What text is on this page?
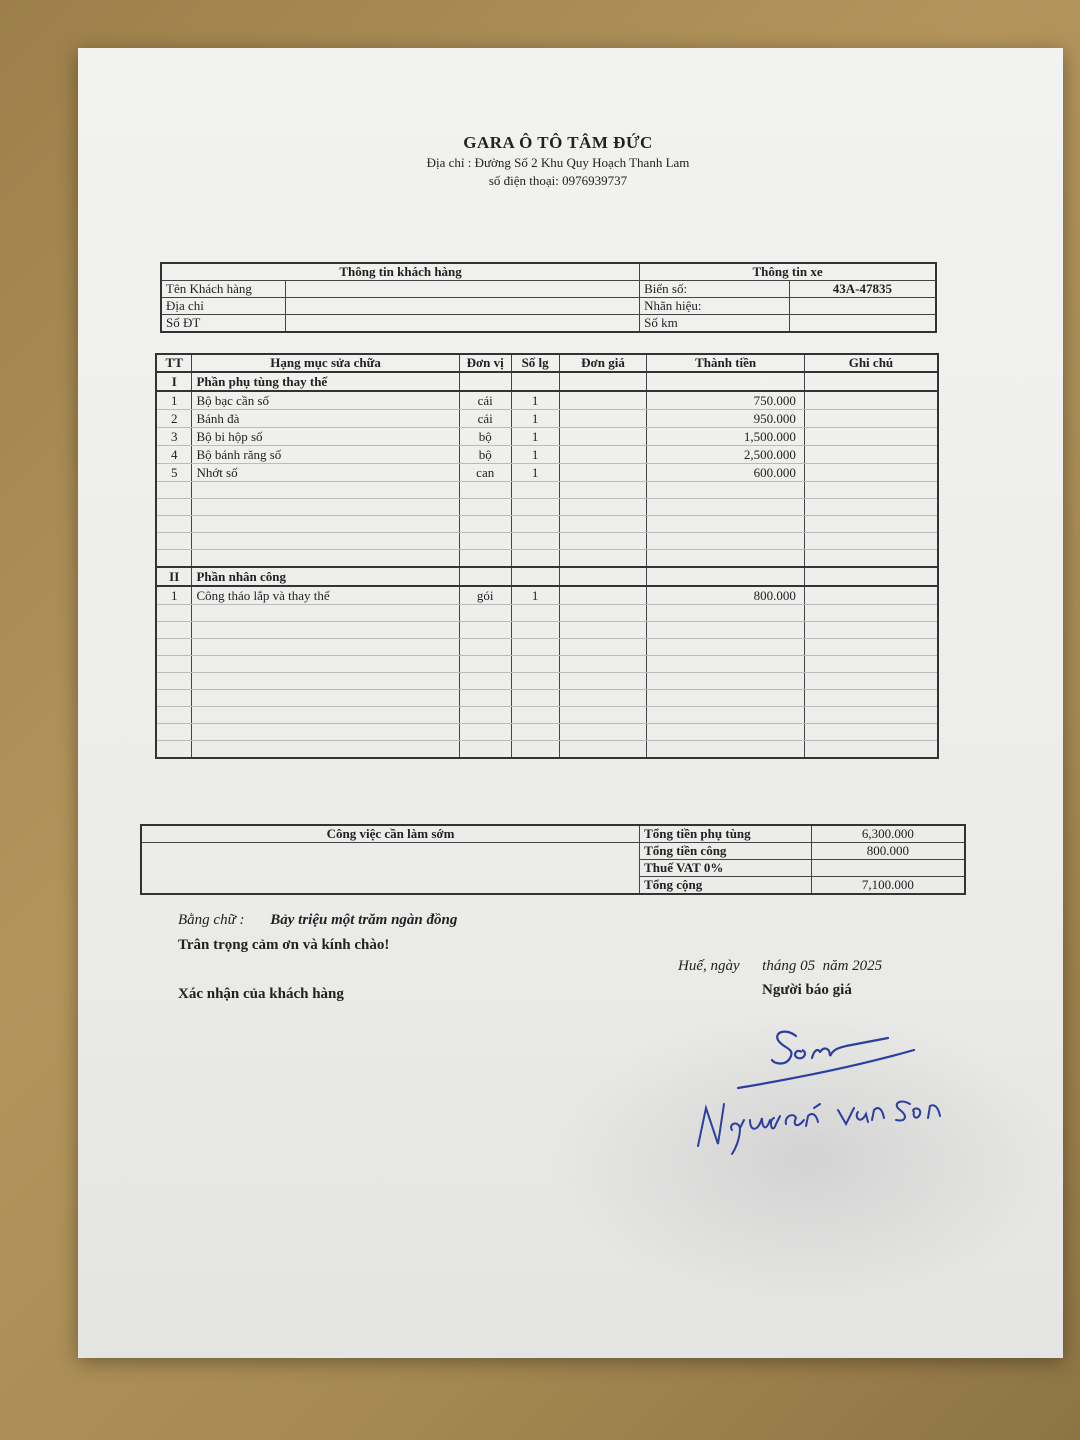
GARA Ô TÔ TÂM ĐỨC
Địa chỉ : Đường Số 2 Khu Quy Hoạch Thanh Lam
số điện thoại: 0976939737
Thông tin khách hàng		Thông tin xe	
Tên Khách hàng		Biển số:	43A-47835
Địa chỉ		Nhãn hiệu:	
Số ĐT		Số km	
TT	Hạng mục sửa chữa	Đơn vị	Số lg	Đơn giá	Thành tiền	Ghi chú
I	Phần phụ tùng thay thế					
1	Bộ bạc cần số	cái	1		750.000	
2	Bánh đà	cái	1		950.000	
3	Bộ bi hộp số	bộ	1		1,500.000	
4	Bộ bánh răng số	bộ	1		2,500.000	
5	Nhớt số	can	1		600.000	

II	Phần nhân công					
1	Công tháo lắp và thay thế	gói	1		800.000	

Công việc cần làm sớm	Tổng tiền phụ tùng	6,300.000
	Tổng tiền công	800.000
	Thuế VAT 0%	
	Tổng cộng	7,100.000
Bằng chữ : Bảy triệu một trăm ngàn đồng
Trân trọng cảm ơn và kính chào!
Huế, ngày      tháng 05  năm 2025
Xác nhận của khách hàng	Người báo giá
